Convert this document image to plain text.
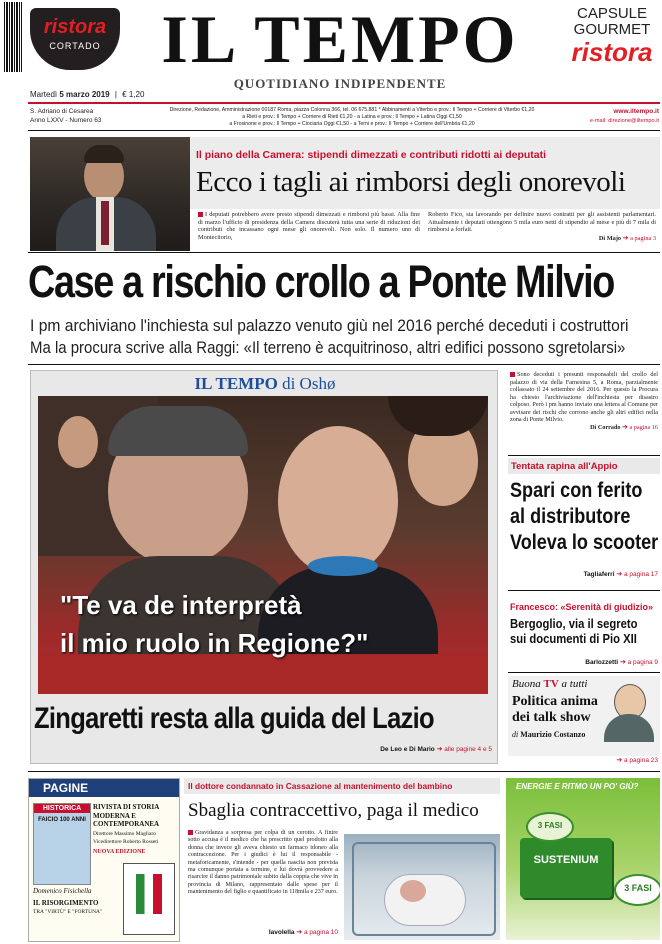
ristora
CORTADO IL TEMPO
QUOTIDIANO INDIPENDENTE
CAPSULE
GOURMET
ristora
Martedì 5 marzo 2019 | € 1,20
S. Adriano di Cesarea
Anno LXXV - Numero 63
Direzione, Redazione, Amministrazione 00187 Roma, piazza Colonna 366, tel. 06 675.881 * Abbinamenti a Viterbo e prov.: Il Tempo + Corriere di Viterbo €1,20
a Rieti e prov.: Il Tempo + Corriere di Rieti €1,20 - a Latina e prov.: Il Tempo + Latina Oggi €1,50
a Frosinone e prov.: Il Tempo + Ciociaria Oggi €1,50 - a Terni e prov.: Il Tempo + Corriere dell'Umbria €1,20
www.iltempo.it
e-mail: direzione@iltempo.it
Il piano della Camera: stipendi dimezzati e contributi ridotti ai deputati
Ecco i tagli ai rimborsi degli onorevoli
I deputati potrebbero avere presto stipendi dimezzati e rimborsi più bassi. Alla fine di marzo l'ufficio di presidenza della Camera discuterà tutta una serie di riduzioni dei contributi che incassano ogni mese gli onorevoli. Non solo. Il numero uno di Montecitorio,
Roberto Fico, sta lavorando per definire nuovi contratti per gli assistenti parlamentari. Attualmente i deputati ottengono 5 mila euro netti di stipendio al mese e più di 7 mila di rimborsi a forfait.
Di Majo ➔ a pagina 3
Case a rischio crollo a Ponte Milvio
I pm archiviano l'inchiesta sul palazzo venuto giù nel 2016 perché deceduti i costruttori
Ma la procura scrive alla Raggi: «Il terreno è acquitrinoso, altri edifici possono sgretolarsi»
IL TEMPO di Oshø
"Te va de interpretà
il mio ruolo in Regione?"
Zingaretti resta alla guida del Lazio
De Leo e Di Mario ➔ alle pagine 4 e 5
Sono deceduti i presunti responsabili del crollo del palazzo di via della Farnesina 5, a Roma, parzialmente collassato il 24 settembre del 2016. Per questo la Procura ha chiesto l'archiviazione dell'inchiesta per disastro colposo. Però i pm hanno inviato una lettera al Comune per avvisare dei rischi che corrono anche gli altri edifici nella zona di Ponte Milvio.
Di Corrado ➔ a pagina 16
Tentata rapina all'Appio
Spari con ferito
al distributore
Voleva lo scooter
Tagliaferri ➔ a pagina 17
Francesco: «Serenità di giudizio»
Bergoglio, via il segreto
sui documenti di Pio XII
Barlozzetti ➔ a pagina 9
Buona TV a tutti
Politica anima
dei talk show
di Maurizio Costanzo
➔ a pagina 23
PAGINE
HISTORICA
FAICIO 100 ANNI
RIVISTA DI STORIA MODERNA E CONTEMPORANEA
Direttore Massimo Magliaro
Vicedirettore Roberto Rosseti
NUOVA EDIZIONE
Domenico Fisichella
IL RISORGIMENTO
TRA "VIRTÙ" E "FORTUNA"
Il dottore condannato in Cassazione al mantenimento del bambino
Sbaglia contraccettivo, paga il medico
Gravidanza a sorpresa per colpa di un cerotto. A finire sotto accusa è il medico che ha prescritto quel prodotto alla donna che invece gli aveva chiesto un farmaco idoneo alla contraccezione. Per i giudici è lui il responsabile - metaforicamente, s'intende - per quella nascita non prevista ma comunque portata a termine, e lui dovrà provvedere a risarcire il danno patrimoniale subito dalla coppia che vive in provincia di Milano, rappresentato dalle spese per il mantenimento del figlio e quantificato in 118mila e 237 euro.
Iavolella ➔ a pagina 10
ENERGIE E RITMO UN PO' GIÙ?
SUSTENIUM
3 FASI
3 FASI
